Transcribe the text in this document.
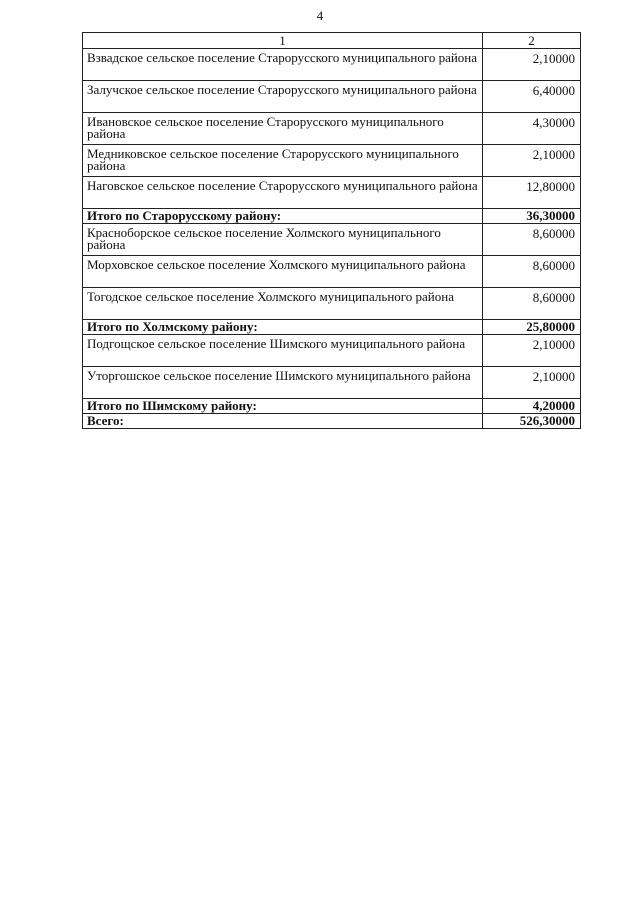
4
1	2
Взвадское сельское поселение Старорусского муниципального района	2,10000
Залучское сельское поселение Старорусского муниципального района	6,40000
Ивановское сельское поселение Старорусского муниципального района	4,30000
Медниковское сельское поселение Старорусского муниципального района	2,10000
Наговское сельское поселение Старорусского муниципального района	12,80000
Итого по Старорусскому району:	36,30000
Красноборское сельское поселение Холмского муниципального района	8,60000
Морховское сельское поселение Холмского муниципального района	8,60000
Тогодское сельское поселение Холмского муниципального района	8,60000
Итого по Холмскому району:	25,80000
Подгощское сельское поселение Шимского муниципального района	2,10000
Уторгошское сельское поселение Шимского муниципального района	2,10000
Итого по Шимскому району:	4,20000
Всего:	526,30000
